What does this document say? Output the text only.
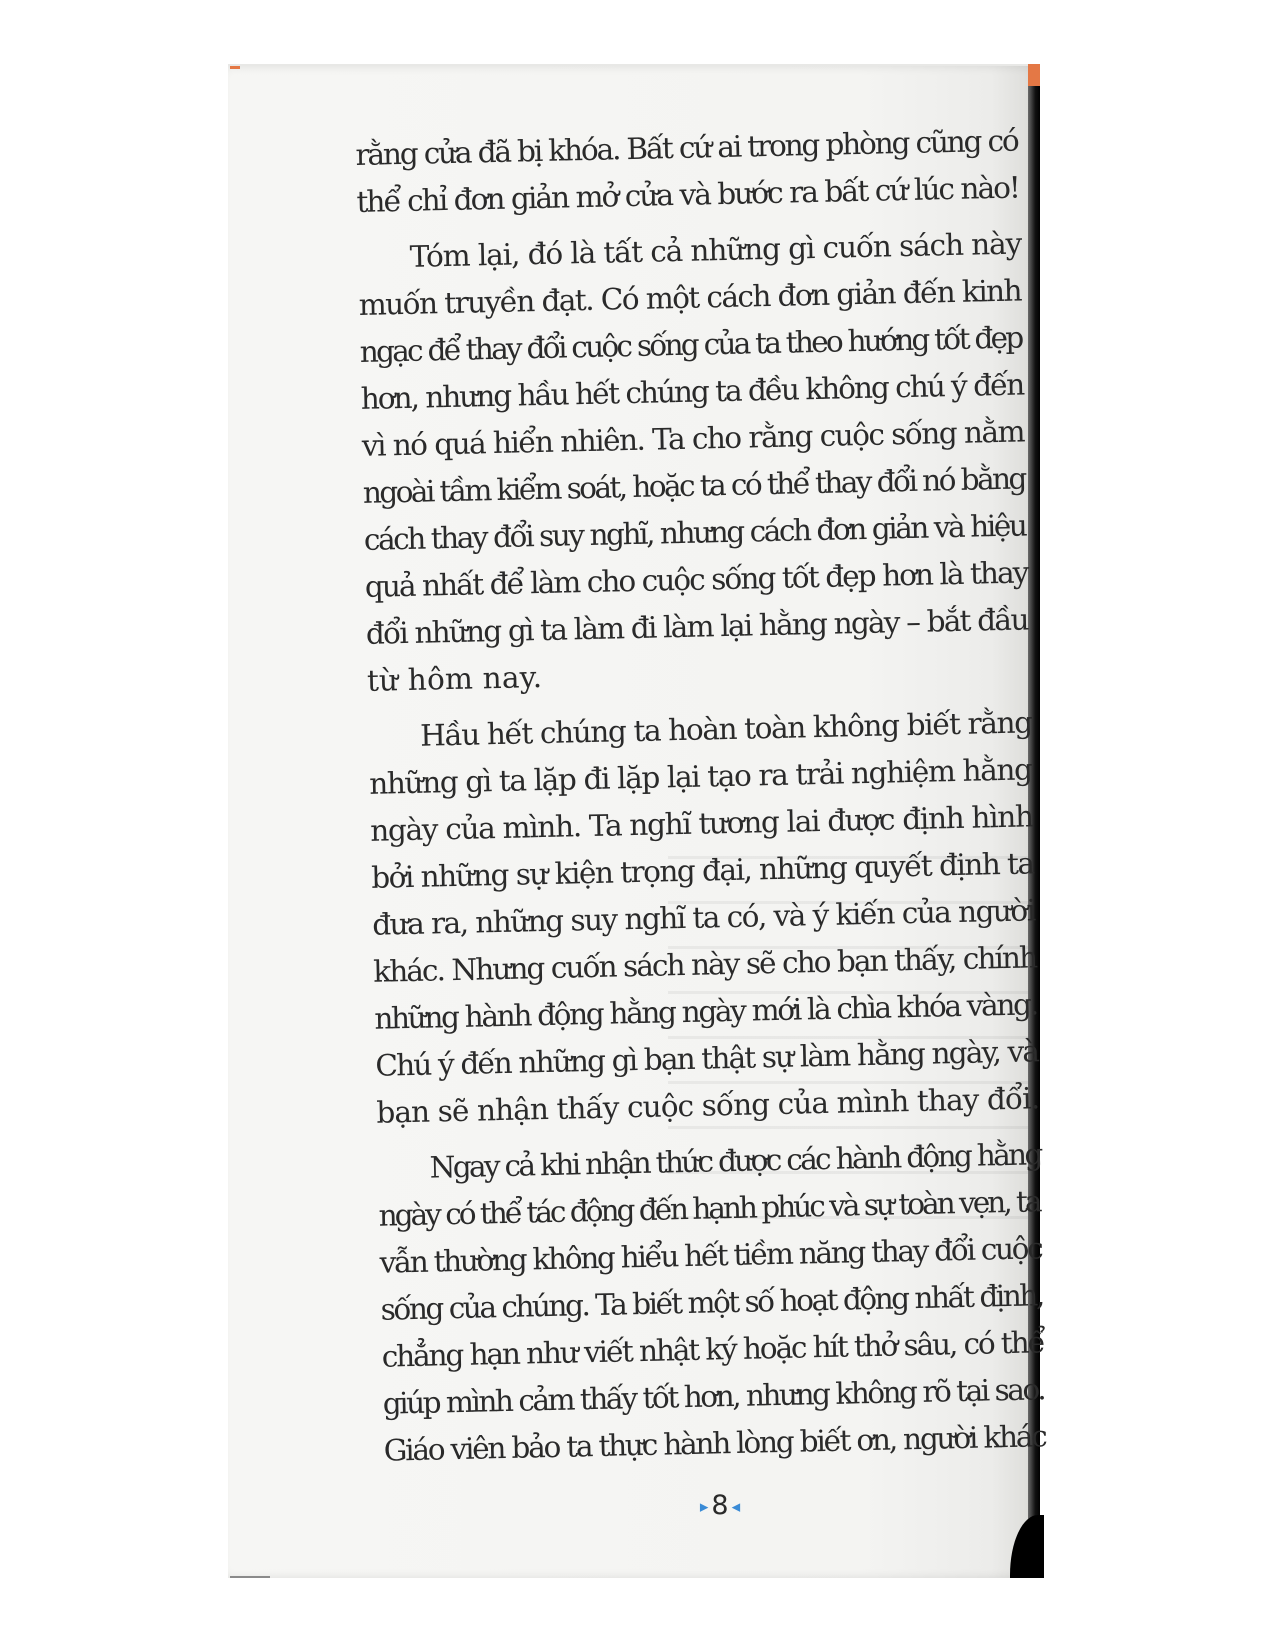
rằng cửa đã bị khóa. Bất cứ ai trong phòng cũng có
thể chỉ đơn giản mở cửa và bước ra bất cứ lúc nào!
Tóm lại, đó là tất cả những gì cuốn sách này
muốn truyền đạt. Có một cách đơn giản đến kinh
ngạc để thay đổi cuộc sống của ta theo hướng tốt đẹp
hơn, nhưng hầu hết chúng ta đều không chú ý đến
vì nó quá hiển nhiên. Ta cho rằng cuộc sống nằm
ngoài tầm kiểm soát, hoặc ta có thể thay đổi nó bằng
cách thay đổi suy nghĩ, nhưng cách đơn giản và hiệu
quả nhất để làm cho cuộc sống tốt đẹp hơn là thay
đổi những gì ta làm đi làm lại hằng ngày – bắt đầu
từ hôm nay.
Hầu hết chúng ta hoàn toàn không biết rằng
những gì ta lặp đi lặp lại tạo ra trải nghiệm hằng
ngày của mình. Ta nghĩ tương lai được định hình
bởi những sự kiện trọng đại, những quyết định ta
đưa ra, những suy nghĩ ta có, và ý kiến của người
khác. Nhưng cuốn sách này sẽ cho bạn thấy, chính
những hành động hằng ngày mới là chìa khóa vàng.
Chú ý đến những gì bạn thật sự làm hằng ngày, và
bạn sẽ nhận thấy cuộc sống của mình thay đổi.
Ngay cả khi nhận thức được các hành động hằng
ngày có thể tác động đến hạnh phúc và sự toàn vẹn, ta
vẫn thường không hiểu hết tiềm năng thay đổi cuộc
sống của chúng. Ta biết một số hoạt động nhất định,
chẳng hạn như viết nhật ký hoặc hít thở sâu, có thể
giúp mình cảm thấy tốt hơn, nhưng không rõ tại sao.
Giáo viên bảo ta thực hành lòng biết ơn, người khác
▸ 8 ◂
